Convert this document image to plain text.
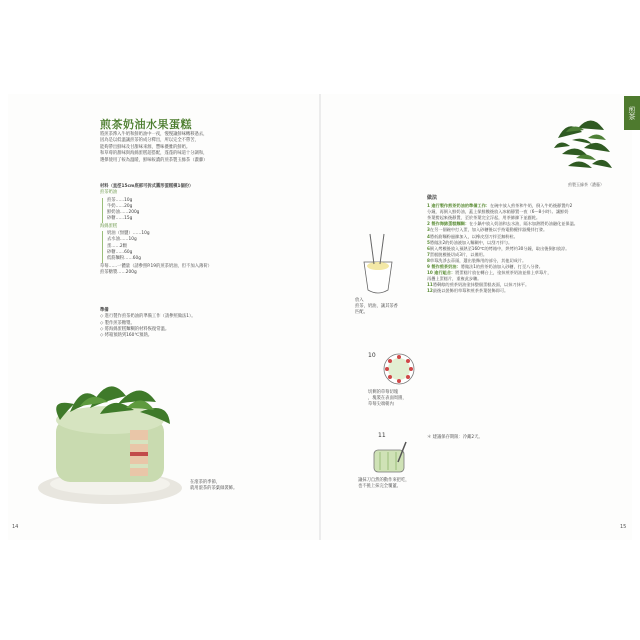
煎茶
煎茶奶油水果蛋糕
將煎茶滲入牛奶和鮮奶油中一夜，慢慢讓鮮味轉移過去，
因為是以低溫讓煎茶的成分釋出，所以完全不帶苦，
能夠帶出鮮味及甘甜味來源，豐味優雅的鮮奶。
和草莓的甜味與海綿蛋糕超搭配，蓬蓬的味道十分調和，
選擇使用了較為溫暖，鮮味較濃的煎茶製玉綠茶（濃藤）
材料（直徑15cm底部可拆式圓形蛋糕模1個份）
煎茶奶油
煎茶……10g
牛奶……20g
鮮奶油……200g
砂糖……15g
海綿蛋糕
奶油（無鹽）……10g
去水油……10g
蛋……2顆
砂糖……60g
低筋麵粉……60g
草莓……一體量（請參照P.19的煎茶奶油，但不加入薄荷）
煎茶糖漿……200g
準備
◇ 進行製作煎茶奶油的準備工作（請參照做法1）。
◇ 製作煎茶糖漿。
◇ 將海綿蛋糕麵糊的材料恢復常溫。
◇ 烤箱預熱到160℃預熱。
在滾茶的季節，
就用滾茶的茶葉做裝飾。
煎製玉綠茶（濃藤）
放入
煎茶，奶油，讓其茶香
匹配。
10
切剩的草莓切塊
，塊裝在表面周圍，
草莓尖端朝內
11
讓抹刀自然的動作來把吃，
也不挑上抹完全覆蓋。
做法
1 進行製作煎茶奶油的準備工作：在碗中放入煎茶和牛奶，倒入牛奶後靜置約2
分鐘，再倒入鮮奶油，蓋上保鮮膜後放入冰箱靜置一夜（6～8小時）。讓鮮奶
茶葉撈起來後靜置，至於茶葉完全浮起，用茶篩篩下並瀝乾。
2 製作海綿蛋糕麵糊：在小鍋中放入奶油和去水油，隔水加熱將奶油融化並保溫。
3在另一個碗中打入蛋，加入砂糖後以手持電動攪拌器攪拌打發。
4將低筋麵粉過篩加入，以橡皮刮刀拌至無粉粒。
5將做法2的奶油液加入麵糊中，以刮刀拌勻。
6倒入烤模後放入預熱至160℃的烤箱中，烘烤約30分鐘，取出後倒扣放涼。
7蛋糕脫模後切成3片，以備用。
8草莓洗淨去蒂頭，選出裝飾用的部分，其他切成片。
9 製作煎茶奶油：將做法1的煎茶奶油加入砂糖，打至八分發。
10 進行組合：將蛋糕片放在轉台上，塗抹煎茶奶油並排上草莓片，
再疊上蛋糕片，重複此步驟。
11將剩餘的煎茶奶油塗抹整個蛋糕表面，以抹刀抹平。
12最後以裝飾用草莓和煎茶茶葉裝飾即可。
＊ 建議保存期限：冷藏2天。
14	15
